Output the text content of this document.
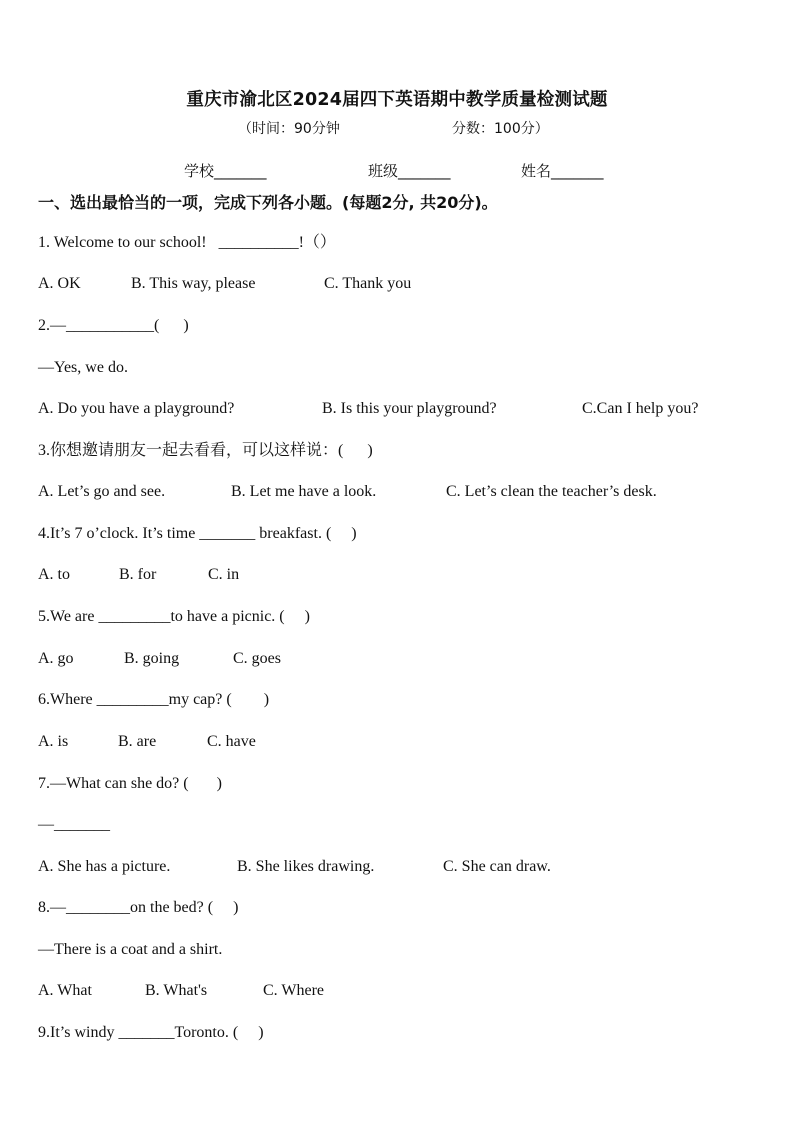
重庆市渝北区2024届四下英语期中教学质量检测试题
（时间：90分钟	分数：100分）
学校_______	班级_______	姓名_______
一、选出最恰当的一项，完成下列各小题。(每题2分, 共20分)。
1. Welcome to our school!   __________!（）
A. OK	B. This way, please	C. Thank you
2.—___________(      )
—Yes, we do.
A. Do you have a playground?	B. Is this your playground?	C.Can I help you?
3.你想邀请朋友一起去看看，可以这样说：(      )
A. Let’s go and see.	B. Let me have a look.	C. Let’s clean the teacher’s desk.
4.It’s 7 o’clock. It’s time _______ breakfast. (     )
A. to	B. for	C. in
5.We are _________to have a picnic. (     )
A. go	B. going	C. goes
6.Where _________my cap? (        )
A. is	B. are	C. have
7.—What can she do? (       )
—_______
A. She has a picture.	B. She likes drawing.	C. She can draw.
8.—________on the bed? (     )
—There is a coat and a shirt.
A. What	B. What's	C. Where
9.It’s windy _______Toronto. (     )
